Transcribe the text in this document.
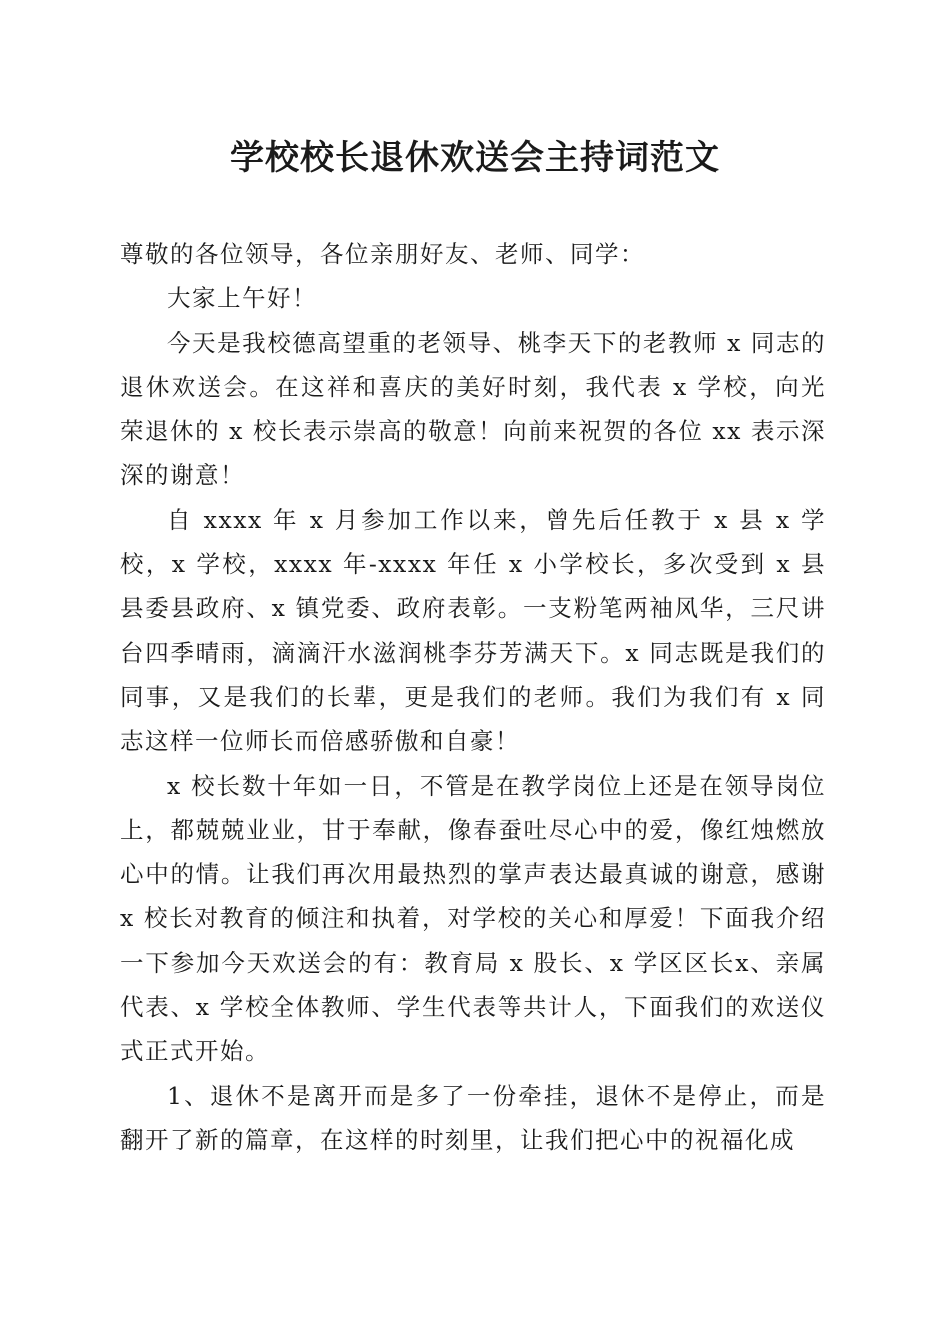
学校校长退休欢送会主持词范文

尊敬的各位领导，各位亲朋好友、老师、同学：

大家上午好！

今天是我校德高望重的老领导、桃李天下的老教师 x 同志的退休欢送会。在这祥和喜庆的美好时刻，我代表 x 学校，向光荣退休的 x 校长表示崇高的敬意！向前来祝贺的各位 xx 表示深深的谢意！

自 xxxx 年 x 月参加工作以来，曾先后任教于 x 县 x 学校，x 学校，xxxx 年-xxxx 年任 x 小学校长，多次受到 x 县县委县政府、x 镇党委、政府表彰。一支粉笔两袖风华，三尺讲台四季晴雨，滴滴汗水滋润桃李芬芳满天下。x 同志既是我们的同事，又是我们的长辈，更是我们的老师。我们为我们有 x 同志这样一位师长而倍感骄傲和自豪！

x 校长数十年如一日，不管是在教学岗位上还是在领导岗位上，都兢兢业业，甘于奉献，像春蚕吐尽心中的爱，像红烛燃放心中的情。让我们再次用最热烈的掌声表达最真诚的谢意，感谢 x 校长对教育的倾注和执着，对学校的关心和厚爱！下面我介绍一下参加今天欢送会的有：教育局 x 股长、x 学区区长x、亲属代表、x 学校全体教师、学生代表等共计人，下面我们的欢送仪式正式开始。

1、退休不是离开而是多了一份牵挂，退休不是停止，而是翻开了新的篇章，在这样的时刻里，让我们把心中的祝福化成
